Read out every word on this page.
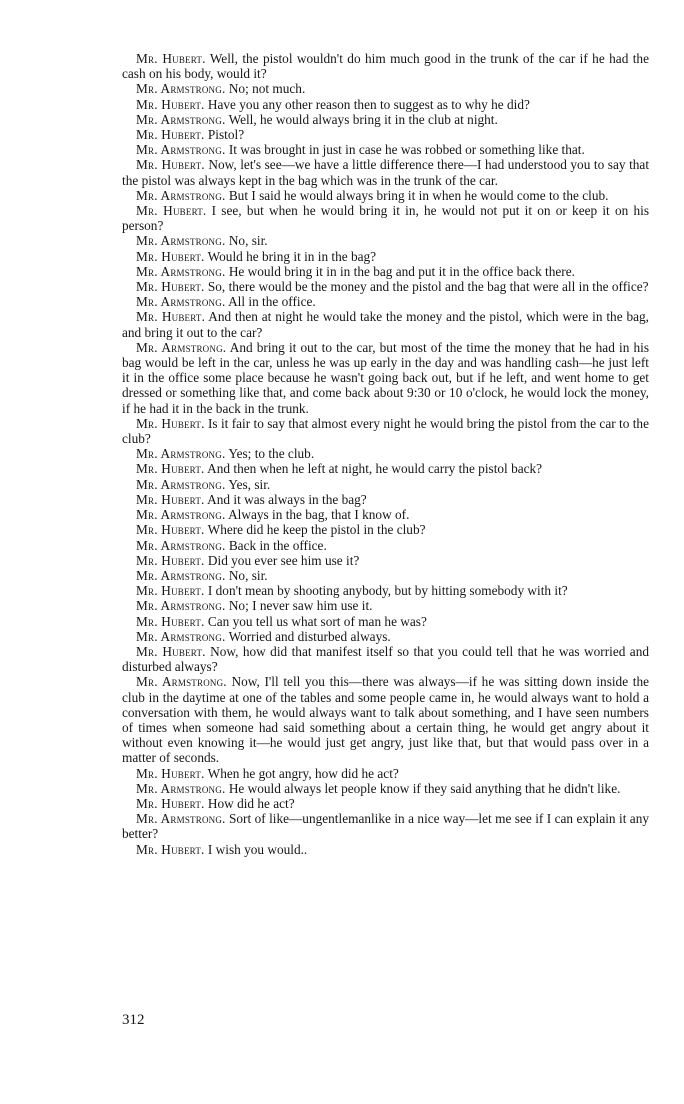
Mr. Hubert. Well, the pistol wouldn't do him much good in the trunk of the car if he had the cash on his body, would it?

Mr. Armstrong. No; not much.

Mr. Hubert. Have you any other reason then to suggest as to why he did?

Mr. Armstrong. Well, he would always bring it in the club at night.

Mr. Hubert. Pistol?

Mr. Armstrong. It was brought in just in case he was robbed or something like that.

Mr. Hubert. Now, let's see—we have a little difference there—I had understood you to say that the pistol was always kept in the bag which was in the trunk of the car.

Mr. Armstrong. But I said he would always bring it in when he would come to the club.

Mr. Hubert. I see, but when he would bring it in, he would not put it on or keep it on his person?

Mr. Armstrong. No, sir.

Mr. Hubert. Would he bring it in in the bag?

Mr. Armstrong. He would bring it in in the bag and put it in the office back there.

Mr. Hubert. So, there would be the money and the pistol and the bag that were all in the office?

Mr. Armstrong. All in the office.

Mr. Hubert. And then at night he would take the money and the pistol, which were in the bag, and bring it out to the car?

Mr. Armstrong. And bring it out to the car, but most of the time the money that he had in his bag would be left in the car, unless he was up early in the day and was handling cash—he just left it in the office some place because he wasn't going back out, but if he left, and went home to get dressed or something like that, and come back about 9:30 or 10 o'clock, he would lock the money, if he had it in the back in the trunk.

Mr. Hubert. Is it fair to say that almost every night he would bring the pistol from the car to the club?

Mr. Armstrong. Yes; to the club.

Mr. Hubert. And then when he left at night, he would carry the pistol back?

Mr. Armstrong. Yes, sir.

Mr. Hubert. And it was always in the bag?

Mr. Armstrong. Always in the bag, that I know of.

Mr. Hubert. Where did he keep the pistol in the club?

Mr. Armstrong. Back in the office.

Mr. Hubert. Did you ever see him use it?

Mr. Armstrong. No, sir.

Mr. Hubert. I don't mean by shooting anybody, but by hitting somebody with it?

Mr. Armstrong. No; I never saw him use it.

Mr. Hubert. Can you tell us what sort of man he was?

Mr. Armstrong. Worried and disturbed always.

Mr. Hubert. Now, how did that manifest itself so that you could tell that he was worried and disturbed always?

Mr. Armstrong. Now, I'll tell you this—there was always—if he was sitting down inside the club in the daytime at one of the tables and some people came in, he would always want to hold a conversation with them, he would always want to talk about something, and I have seen numbers of times when someone had said something about a certain thing, he would get angry about it without even knowing it—he would just get angry, just like that, but that would pass over in a matter of seconds.

Mr. Hubert. When he got angry, how did he act?

Mr. Armstrong. He would always let people know if they said anything that he didn't like.

Mr. Hubert. How did he act?

Mr. Armstrong. Sort of like—ungentlemanlike in a nice way—let me see if I can explain it any better?

Mr. Hubert. I wish you would..

312
